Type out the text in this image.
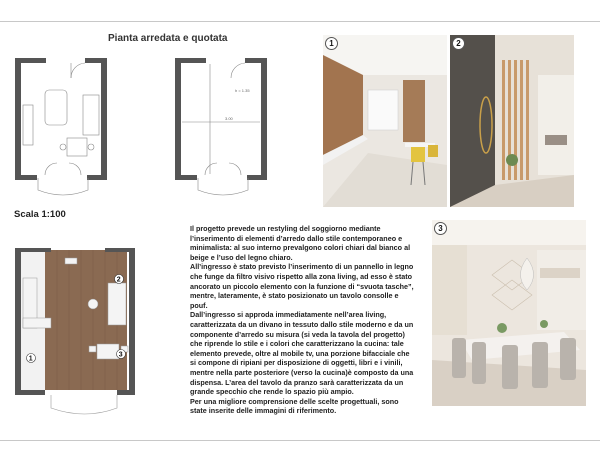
Pianta arredata e quotata
3.00
h = 1.35
Scala 1:100
2
1
3
Il progetto prevede un restyling del soggiorno mediante l’inserimento di elementi d’arredo dallo stile contemporaneo e minimalista: al suo interno prevalgono colori chiari dal bianco al beige e l’uso del legno chiaro.
All’ingresso è stato previsto l’inserimento di un pannello in legno che funge da filtro visivo rispetto alla zona living, ad esso è stato ancorato un piccolo elemento con la funzione di “svuota tasche”, mentre, lateramente, è stato posizionato un tavolo consolle e pouf.
Dall’ingresso si approda immediatamente nell’area living, caratterizzata da un divano in tessuto dallo stile moderno e da un componente d’arredo su misura (si veda la tavola del progetto) che riprende lo stile e i colori che caratterizzano la cucina: tale elemento prevede, oltre al mobile tv, una porzione bifacciale che si compone di ripiani per disposizione di oggetti, libri e i vinili, mentre nella parte posteriore (verso la cucina)è composto da una dispensa. L’area del tavolo da pranzo sarà caratterizzata da un grande specchio che rende lo spazio più ampio.
Per una migliore comprensione delle scelte progettuali, sono state inserite delle immagini di riferimento.
1	2
3
